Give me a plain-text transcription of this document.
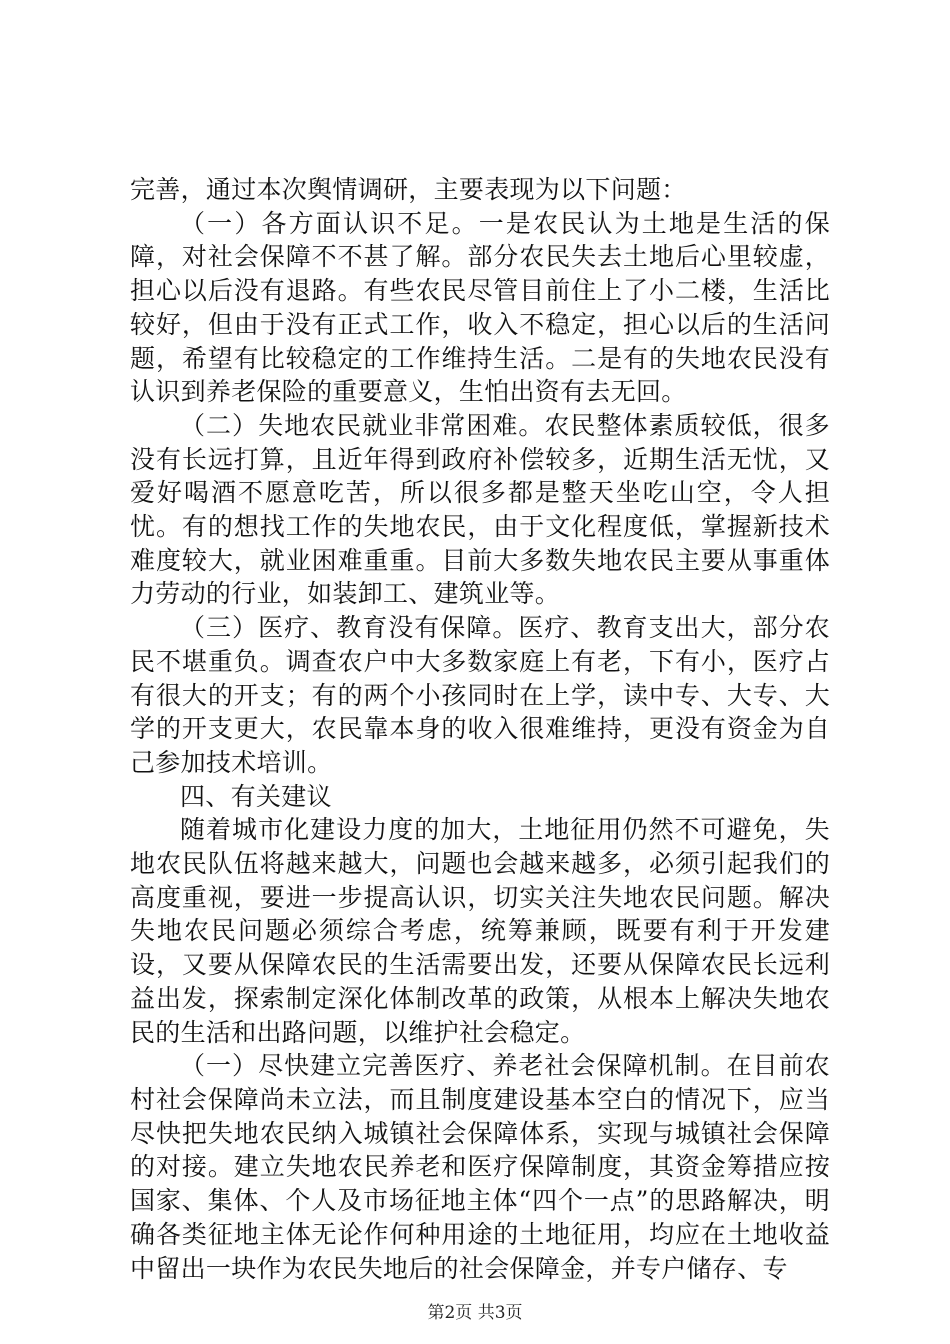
完善，通过本次舆情调研，主要表现为以下问题：

（一）各方面认识不足。一是农民认为土地是生活的保障，对社会保障不不甚了解。部分农民失去土地后心里较虚，担心以后没有退路。有些农民尽管目前住上了小二楼，生活比较好，但由于没有正式工作，收入不稳定，担心以后的生活问题，希望有比较稳定的工作维持生活。二是有的失地农民没有认识到养老保险的重要意义，生怕出资有去无回。

（二）失地农民就业非常困难。农民整体素质较低，很多没有长远打算，且近年得到政府补偿较多，近期生活无忧，又爱好喝酒不愿意吃苦，所以很多都是整天坐吃山空，令人担忧。有的想找工作的失地农民，由于文化程度低，掌握新技术难度较大，就业困难重重。目前大多数失地农民主要从事重体力劳动的行业，如装卸工、建筑业等。

（三）医疗、教育没有保障。医疗、教育支出大，部分农民不堪重负。调查农户中大多数家庭上有老，下有小，医疗占有很大的开支；有的两个小孩同时在上学，读中专、大专、大学的开支更大，农民靠本身的收入很难维持，更没有资金为自己参加技术培训。

四、有关建议

随着城市化建设力度的加大，土地征用仍然不可避免，失地农民队伍将越来越大，问题也会越来越多，必须引起我们的高度重视，要进一步提高认识，切实关注失地农民问题。解决失地农民问题必须综合考虑，统筹兼顾，既要有利于开发建设，又要从保障农民的生活需要出发，还要从保障农民长远利益出发，探索制定深化体制改革的政策，从根本上解决失地农民的生活和出路问题，以维护社会稳定。

（一）尽快建立完善医疗、养老社会保障机制。在目前农村社会保障尚未立法，而且制度建设基本空白的情况下，应当尽快把失地农民纳入城镇社会保障体系，实现与城镇社会保障的对接。建立失地农民养老和医疗保障制度，其资金筹措应按国家、集体、个人及市场征地主体“四个一点”的思路解决，明确各类征地主体无论作何种用途的土地征用，均应在土地收益中留出一块作为农民失地后的社会保障金，并专户储存、专

第2页 共3页
